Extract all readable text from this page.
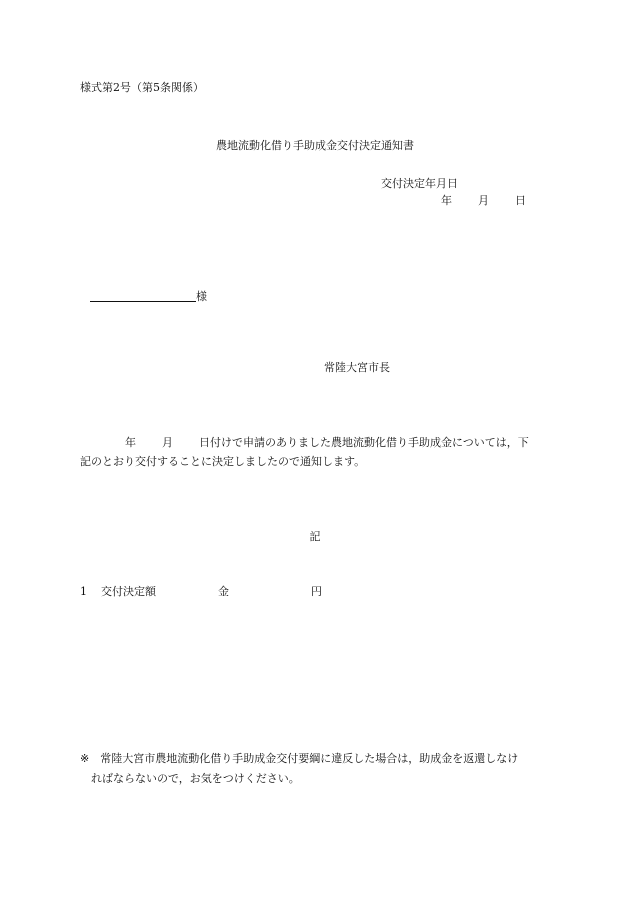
様式第2号（第5条関係）
農地流動化借り手助成金交付決定通知書
交付決定年月日
年 月 日
様
常陸大宮市長
年 月 日付けで申請のありました農地流動化借り手助成金については，下
記のとおり交付することに決定しましたので通知します。
記
1 交付決定額	金	円
※ 常陸大宮市農地流動化借り手助成金交付要綱に違反した場合は，助成金を返還しなけ
ればならないので，お気をつけください。
